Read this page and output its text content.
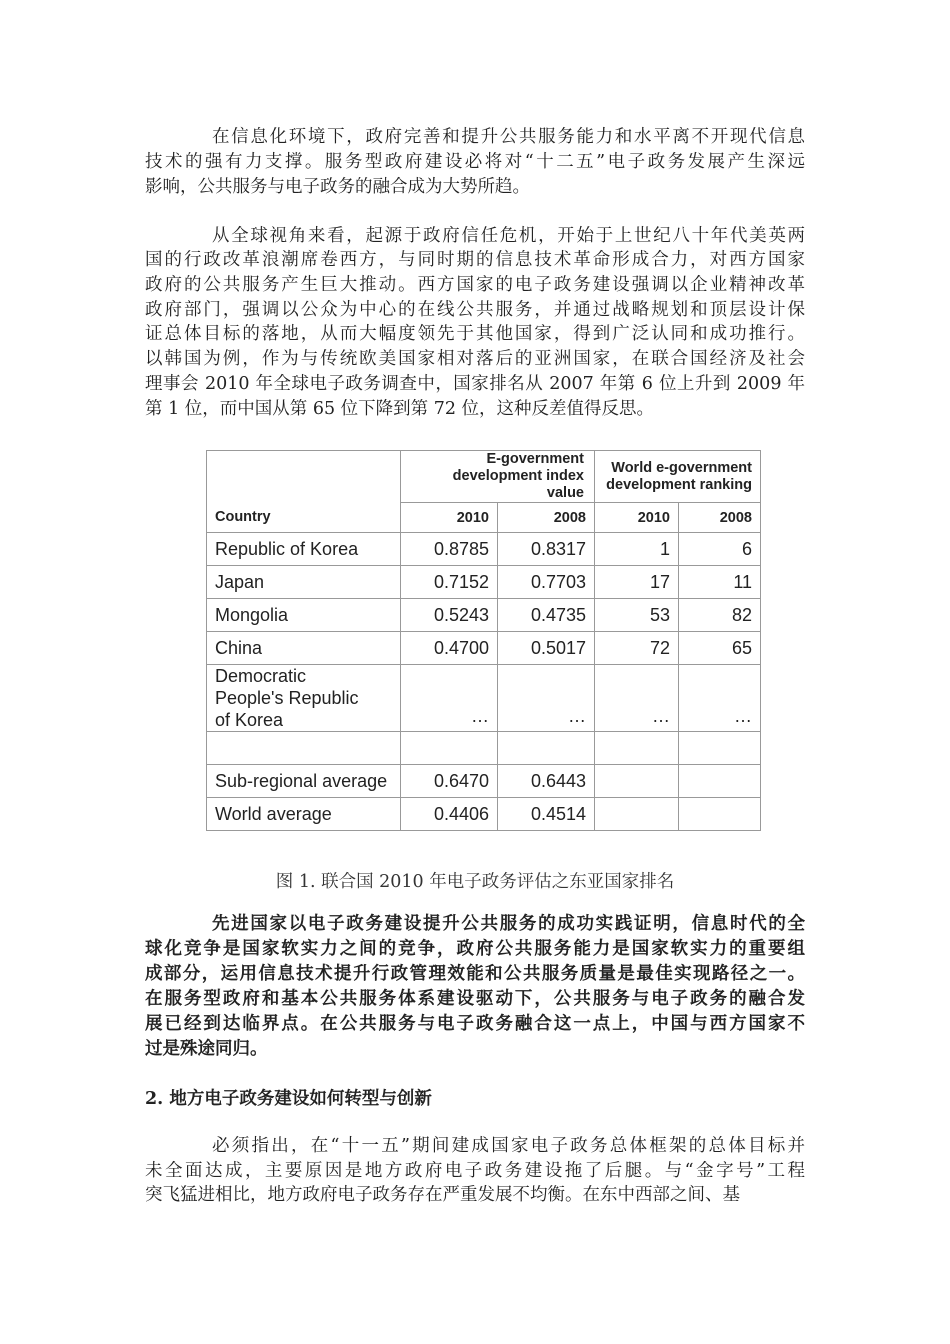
在信息化环境下，政府完善和提升公共服务能力和水平离不开现代信息
技术的强有力支撑。服务型政府建设必将对“十二五”电子政务发展产生深远
影响，公共服务与电子政务的融合成为大势所趋。
从全球视角来看，起源于政府信任危机，开始于上世纪八十年代美英两
国的行政改革浪潮席卷西方，与同时期的信息技术革命形成合力，对西方国家
政府的公共服务产生巨大推动。西方国家的电子政务建设强调以企业精神改革
政府部门，强调以公众为中心的在线公共服务，并通过战略规划和顶层设计保
证总体目标的落地，从而大幅度领先于其他国家，得到广泛认同和成功推行。
以韩国为例，作为与传统欧美国家相对落后的亚洲国家，在联合国经济及社会
理事会 2010 年全球电子政务调查中，国家排名从 2007 年第 6 位上升到 2009 年
第 1 位，而中国从第 65 位下降到第 72 位，这种反差值得反思。
Country	E-government development index value		World e-government development ranking	
	2010	2008	2010	2008
Republic of Korea	0.8785	0.8317	1	6
Japan	0.7152	0.7703	17	11
Mongolia	0.5243	0.4735	53	82
China	0.4700	0.5017	72	65
Democratic People's Republic of Korea	…	…	…	…

Sub-regional average	0.6470	0.6443		
World average	0.4406	0.4514		
图 1. 联合国 2010 年电子政务评估之东亚国家排名
先进国家以电子政务建设提升公共服务的成功实践证明，信息时代的全
球化竞争是国家软实力之间的竞争，政府公共服务能力是国家软实力的重要组
成部分，运用信息技术提升行政管理效能和公共服务质量是最佳实现路径之一。
在服务型政府和基本公共服务体系建设驱动下，公共服务与电子政务的融合发
展已经到达临界点。在公共服务与电子政务融合这一点上，中国与西方国家不
过是殊途同归。
2. 地方电子政务建设如何转型与创新
必须指出，在“十一五”期间建成国家电子政务总体框架的总体目标并
未全面达成，主要原因是地方政府电子政务建设拖了后腿。与“金字号”工程
突飞猛进相比，地方政府电子政务存在严重发展不均衡。在东中西部之间、基
